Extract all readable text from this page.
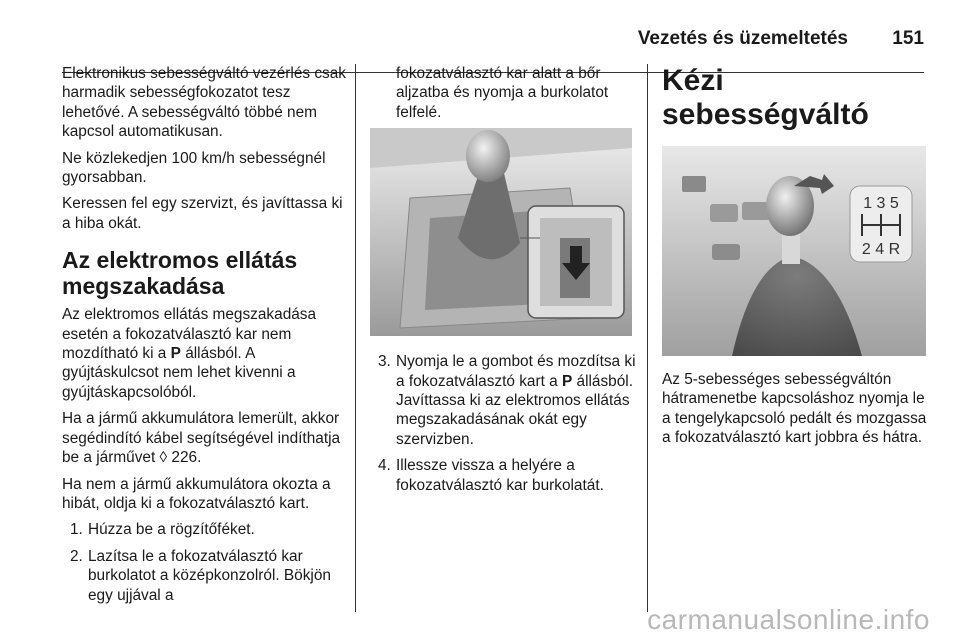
Vezetés és üzemeltetés 151

Elektronikus sebességváltó vezérlés csak harmadik sebességfokozatot tesz lehetővé. A sebességváltó többé nem kapcsol automatikusan.

Ne közlekedjen 100 km/h sebességnél gyorsabban.

Keressen fel egy szervizt, és javíttassa ki a hiba okát.

Az elektromos ellátás megszakadása

Az elektromos ellátás megszakadása esetén a fokozatválasztó kar nem mozdítható ki a P állásból. A gyújtáskulcsot nem lehet kivenni a gyújtáskapcsolóból.

Ha a jármű akkumulátora lemerült, akkor segédindító kábel segítségével indíthatja be a járművet ◊ 226.

Ha nem a jármű akkumulátora okozta a hibát, oldja ki a fokozatválasztó kart.

1. Húzza be a rögzítőféket.
2. Lazítsa le a fokozatválasztó kar burkolatot a középkonzolról. Bökjön egy ujjával a
fokozatválasztó kar alatt a bőr aljzatba és nyomja a burkolatot felfelé.
3. Nyomja le a gombot és mozdítsa ki a fokozatválasztó kart a P állásból. Javíttassa ki az elektromos ellátás megszakadásának okát egy szervizben.
4. Illessze vissza a helyére a fokozatválasztó kar burkolatát.
Kézi sebességváltó
1 3 5
2 4 R

Az 5-sebességes sebességváltón hátramenetbe kapcsoláshoz nyomja le a tengelykapcsoló pedált és mozgassa a fokozatválasztó kart jobbra és hátra.

carmanualsonline.info
